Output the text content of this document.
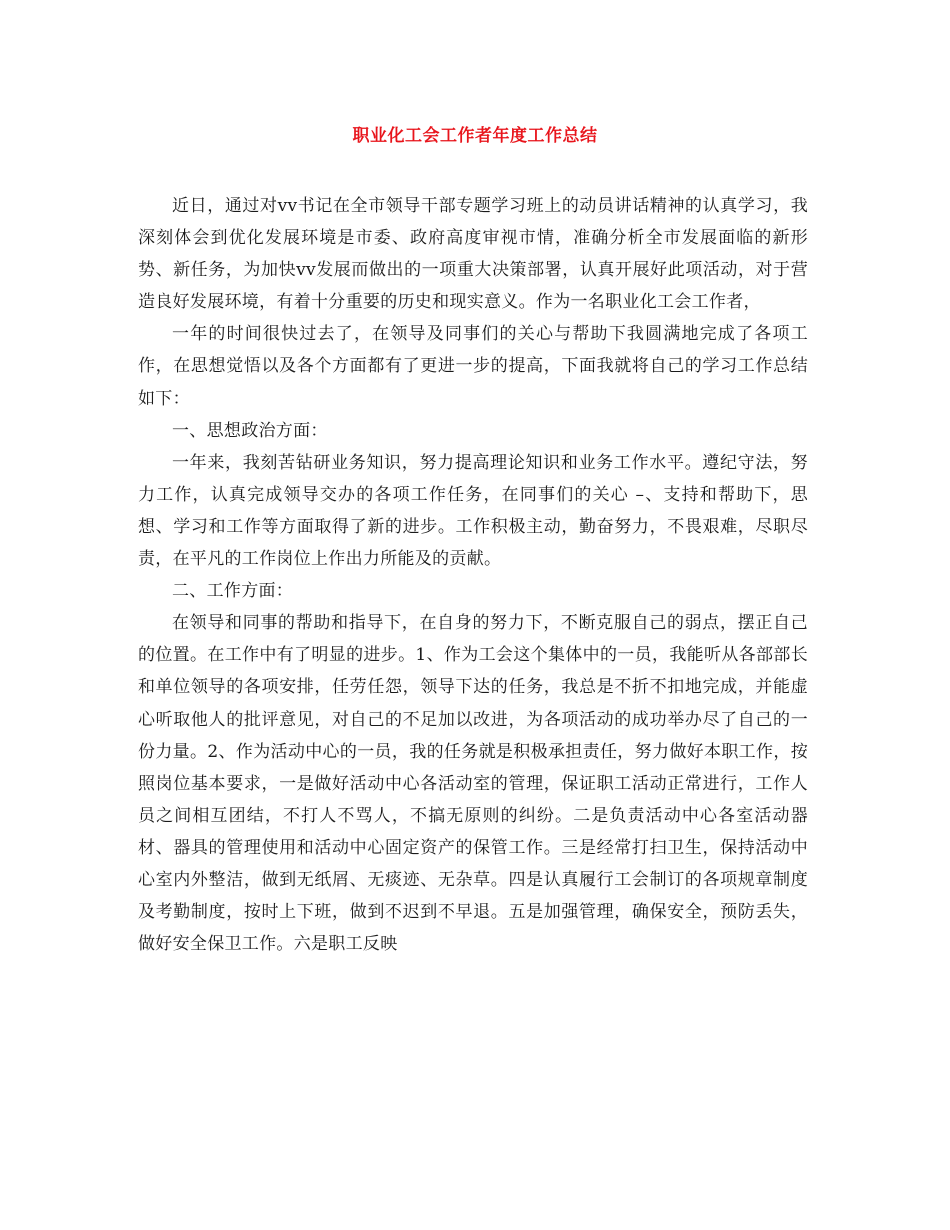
职业化工会工作者年度工作总结

近日，通过对vv书记在全市领导干部专题学习班上的动员讲话精神的认真学习，我深刻体会到优化发展环境是市委、政府高度审视市情，准确分析全市发展面临的新形势、新任务，为加快vv发展而做出的一项重大决策部署，认真开展好此项活动，对于营造良好发展环境，有着十分重要的历史和现实意义。作为一名职业化工会工作者，

一年的时间很快过去了，在领导及同事们的关心与帮助下我圆满地完成了各项工作，在思想觉悟以及各个方面都有了更进一步的提高，下面我就将自己的学习工作总结如下：

一、思想政治方面：

一年来，我刻苦钻研业务知识，努力提高理论知识和业务工作水平。遵纪守法，努力工作，认真完成领导交办的各项工作任务，在同事们的关心 –、支持和帮助下，思想、学习和工作等方面取得了新的进步。工作积极主动，勤奋努力，不畏艰难，尽职尽责，在平凡的工作岗位上作出力所能及的贡献。

二、工作方面：

在领导和同事的帮助和指导下，在自身的努力下，不断克服自己的弱点，摆正自己的位置。在工作中有了明显的进步。1、作为工会这个集体中的一员，我能听从各部部长和单位领导的各项安排，任劳任怨，领导下达的任务，我总是不折不扣地完成，并能虚心听取他人的批评意见，对自己的不足加以改进，为各项活动的成功举办尽了自己的一份力量。2、作为活动中心的一员，我的任务就是积极承担责任，努力做好本职工作，按照岗位基本要求，一是做好活动中心各活动室的管理，保证职工活动正常进行，工作人员之间相互团结，不打人不骂人，不搞无原则的纠纷。二是负责活动中心各室活动器材、器具的管理使用和活动中心固定资产的保管工作。三是经常打扫卫生，保持活动中心室内外整洁，做到无纸屑、无痰迹、无杂草。四是认真履行工会制订的各项规章制度及考勤制度，按时上下班，做到不迟到不早退。五是加强管理，确保安全，预防丢失，做好安全保卫工作。六是职工反映
